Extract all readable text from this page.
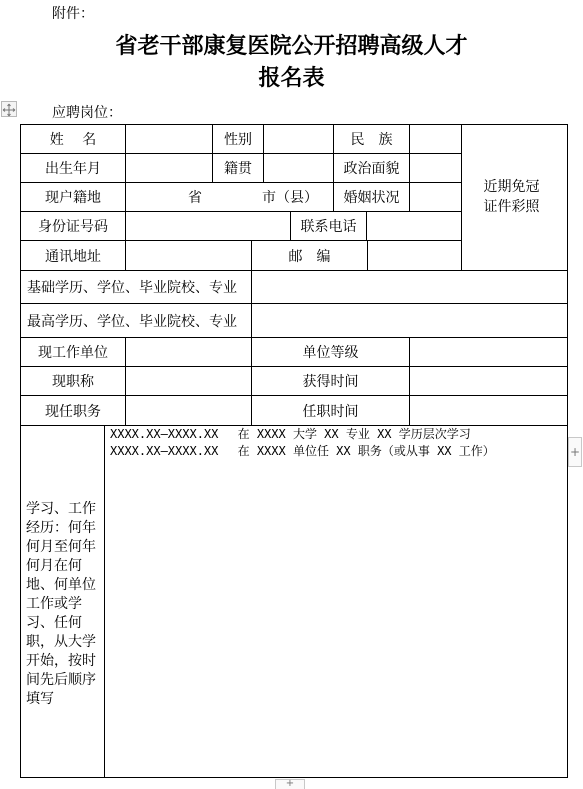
附件：
省老干部康复医院公开招聘高级人才
报名表
应聘岗位：
姓　 名	性别	民　族
出生年月	籍贯	政治面貌
现户籍地	省	市（县）	婚姻状况
身份证号码	联系电话
通讯地址	邮　编
近期免冠
证件彩照
基础学历、学位、毕业院校、专业
最高学历、学位、毕业院校、专业
现工作单位	单位等级
现职称	获得时间
现任职务	任职时间
学习、工作经历：何年何月至何年何月在何地、何单位工作或学习、任何职，从大学开始，按时间先后顺序填写
XXXX.XX—XXXX.XX　 在 XXXX 大学 XX 专业 XX 学历层次学习
XXXX.XX—XXXX.XX　 在 XXXX 单位任 XX 职务（或从事 XX 工作）	+
+
